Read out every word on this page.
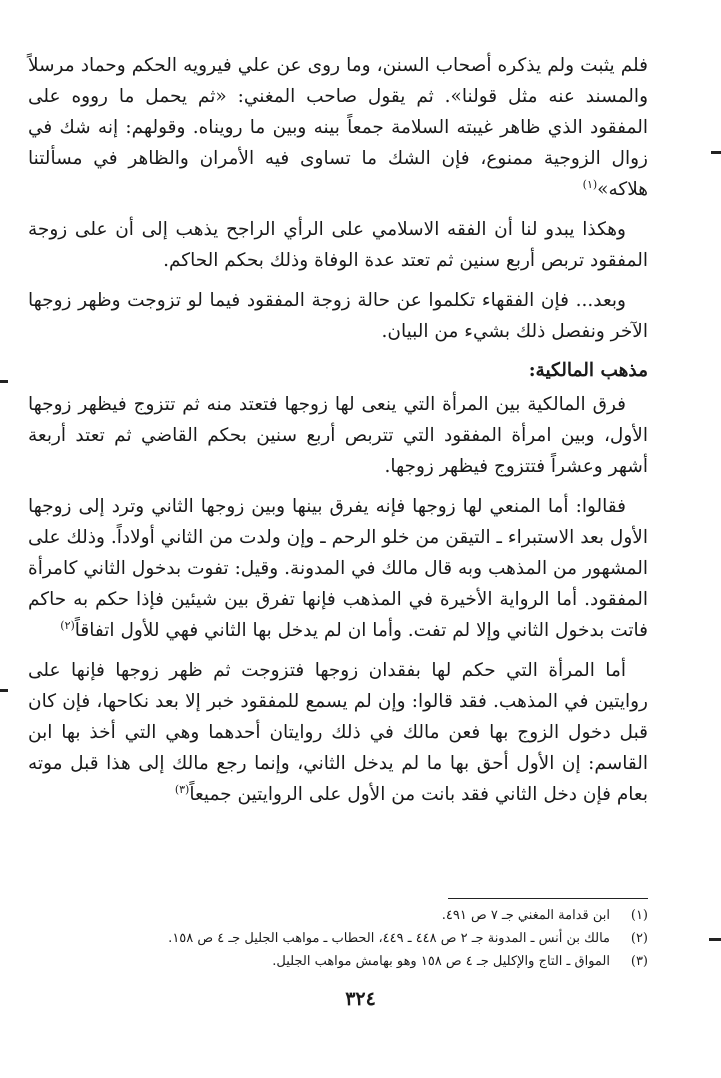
فلم يثبت ولم يذكره أصحاب السنن، وما روى عن علي فيرويه الحكم وحماد مرسلاً والمسند عنه مثل قولنا». ثم يقول صاحب المغني: «ثم يحمل ما رووه على المفقود الذي ظاهر غيبته السلامة جمعاً بينه وبين ما رويناه. وقولهم: إنه شك في زوال الزوجية ممنوع، فإن الشك ما تساوى فيه الأمران والظاهر في مسألتنا هلاكه»$^{(١)}$

وهكذا يبدو لنا أن الفقه الاسلامي على الرأي الراجح يذهب إلى أن على زوجة المفقود تربص أربع سنين ثم تعتد عدة الوفاة وذلك بحكم الحاكم.

وبعد... فإن الفقهاء تكلموا عن حالة زوجة المفقود فيما لو تزوجت وظهر زوجها الآخر ونفصل ذلك بشيء من البيان.

مذهب المالكية:

فرق المالكية بين المرأة التي ينعى لها زوجها فتعتد منه ثم تتزوج فيظهر زوجها الأول، وبين امرأة المفقود التي تتربص أربع سنين بحكم القاضي ثم تعتد أربعة أشهر وعشراً فتتزوج فيظهر زوجها.

فقالوا: أما المنعي لها زوجها فإنه يفرق بينها وبين زوجها الثاني وترد إلى زوجها الأول بعد الاستبراء ـ التيقن من خلو الرحم ـ وإن ولدت من الثاني أولاداً. وذلك على المشهور من المذهب وبه قال مالك في المدونة. وقيل: تفوت بدخول الثاني كامرأة المفقود. أما الرواية الأخيرة في المذهب فإنها تفرق بين شيئين فإذا حكم به حاكم فاتت بدخول الثاني وإلا لم تفت. وأما ان لم يدخل بها الثاني فهي للأول اتفاقاً$^{(٢)}$

أما المرأة التي حكم لها بفقدان زوجها فتزوجت ثم ظهر زوجها فإنها على روايتين في المذهب. فقد قالوا: وإن لم يسمع للمفقود خبر إلا بعد نكاحها، فإن كان قبل دخول الزوج بها فعن مالك في ذلك روايتان أحدهما وهي التي أخذ بها ابن القاسم: إن الأول أحق بها ما لم يدخل الثاني، وإنما رجع مالك إلى هذا قبل موته بعام فإن دخل الثاني فقد بانت من الأول على الروايتين جميعاً$^{(٣)}$

(١)
ابن قدامة المغني جـ ٧ ص ٤٩١.
(٢)
مالك بن أنس ـ المدونة جـ ٢ ص ٤٤٨ ـ ٤٤٩، الحطاب ـ مواهب الجليل جـ ٤ ص ١٥٨.
(٣)
المواق ـ التاج والإكليل جـ ٤ ص ١٥٨ وهو بهامش مواهب الجليل.
٣٢٤
